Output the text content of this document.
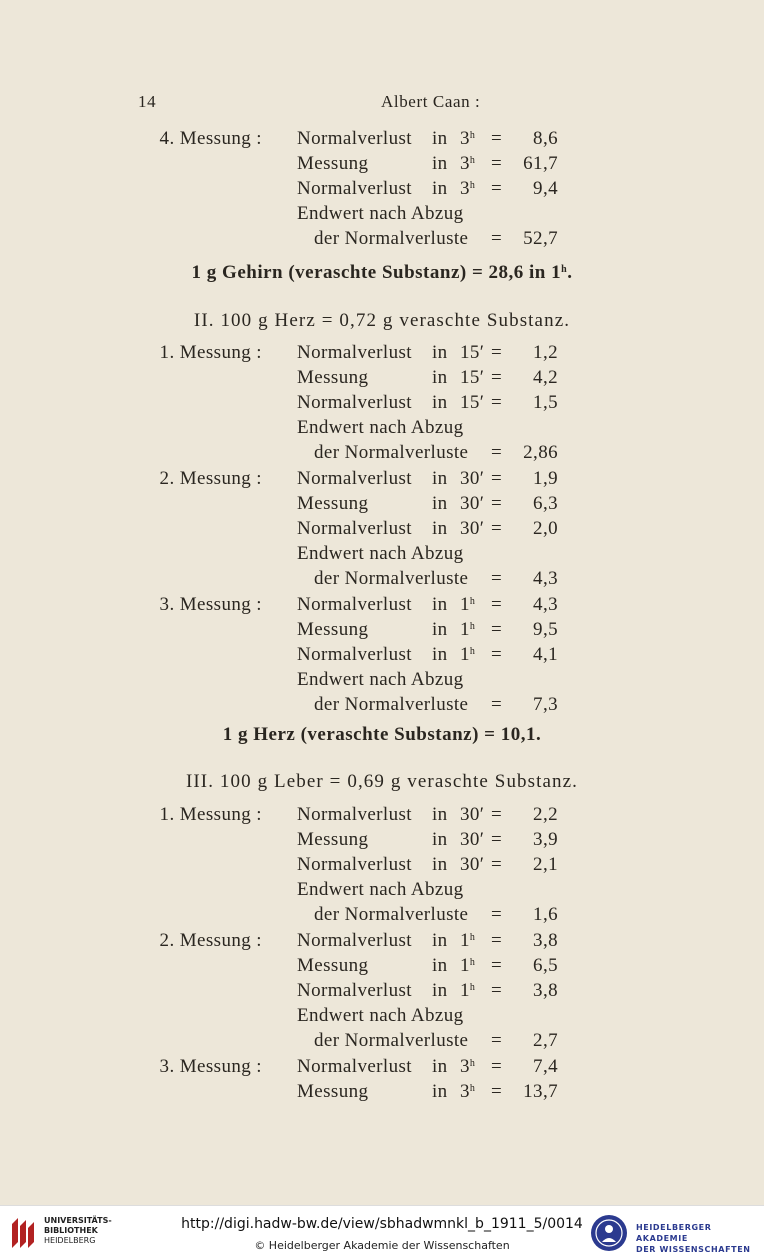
14	Albert Caan :
4. Messung : Normalverlust in $3^h$ =	8,6
Messung	in $3^h$ =	61,7
Normalverlust in $3^h$ =	9,4
Endwert nach Abzug
der Normalverluste =	52,7
1 g Gehirn (veraschte Substanz) = 28,6 in 1$^h$.
II. 100 g Herz = 0,72 g veraschte Substanz.
1. Messung : Normalverlust in 15′ =	1,2
Messung	in 15′ =	4,2
Normalverlust in 15′ =	1,5
Endwert nach Abzug
der Normalverluste =	2,86
2. Messung : Normalverlust in 30′ =	1,9
Messung	in 30′ =	6,3
Normalverlust in 30′ =	2,0
Endwert nach Abzug
der Normalverluste =	4,3
3. Messung : Normalverlust in $1^h$ =	4,3
Messung	in $1^h$ =	9,5
Normalverlust in $1^h$ =	4,1
Endwert nach Abzug
der Normalverluste =	7,3
1 g Herz (veraschte Substanz) = 10,1.
III. 100 g Leber = 0,69 g veraschte Substanz.
1. Messung : Normalverlust in 30′ =	2,2
Messung	in 30′ =	3,9
Normalverlust in 30′ =	2,1
Endwert nach Abzug
der Normalverluste =	1,6
2. Messung : Normalverlust in $1^h$ =	3,8
Messung	in $1^h$ =	6,5
Normalverlust in $1^h$ =	3,8
Endwert nach Abzug
der Normalverluste =	2,7
3. Messung : Normalverlust in $3^h$ =	7,4
Messung	in $3^h$ =	13,7
UNIVERSITÄTS-
BIBLIOTHEK
HEIDELBERG
http://digi.hadw-bw.de/view/sbhadwmnkl_b_1911_5/0014
© Heidelberger Akademie der Wissenschaften
HEIDELBERGER AKADEMIE
DER WISSENSCHAFTEN
